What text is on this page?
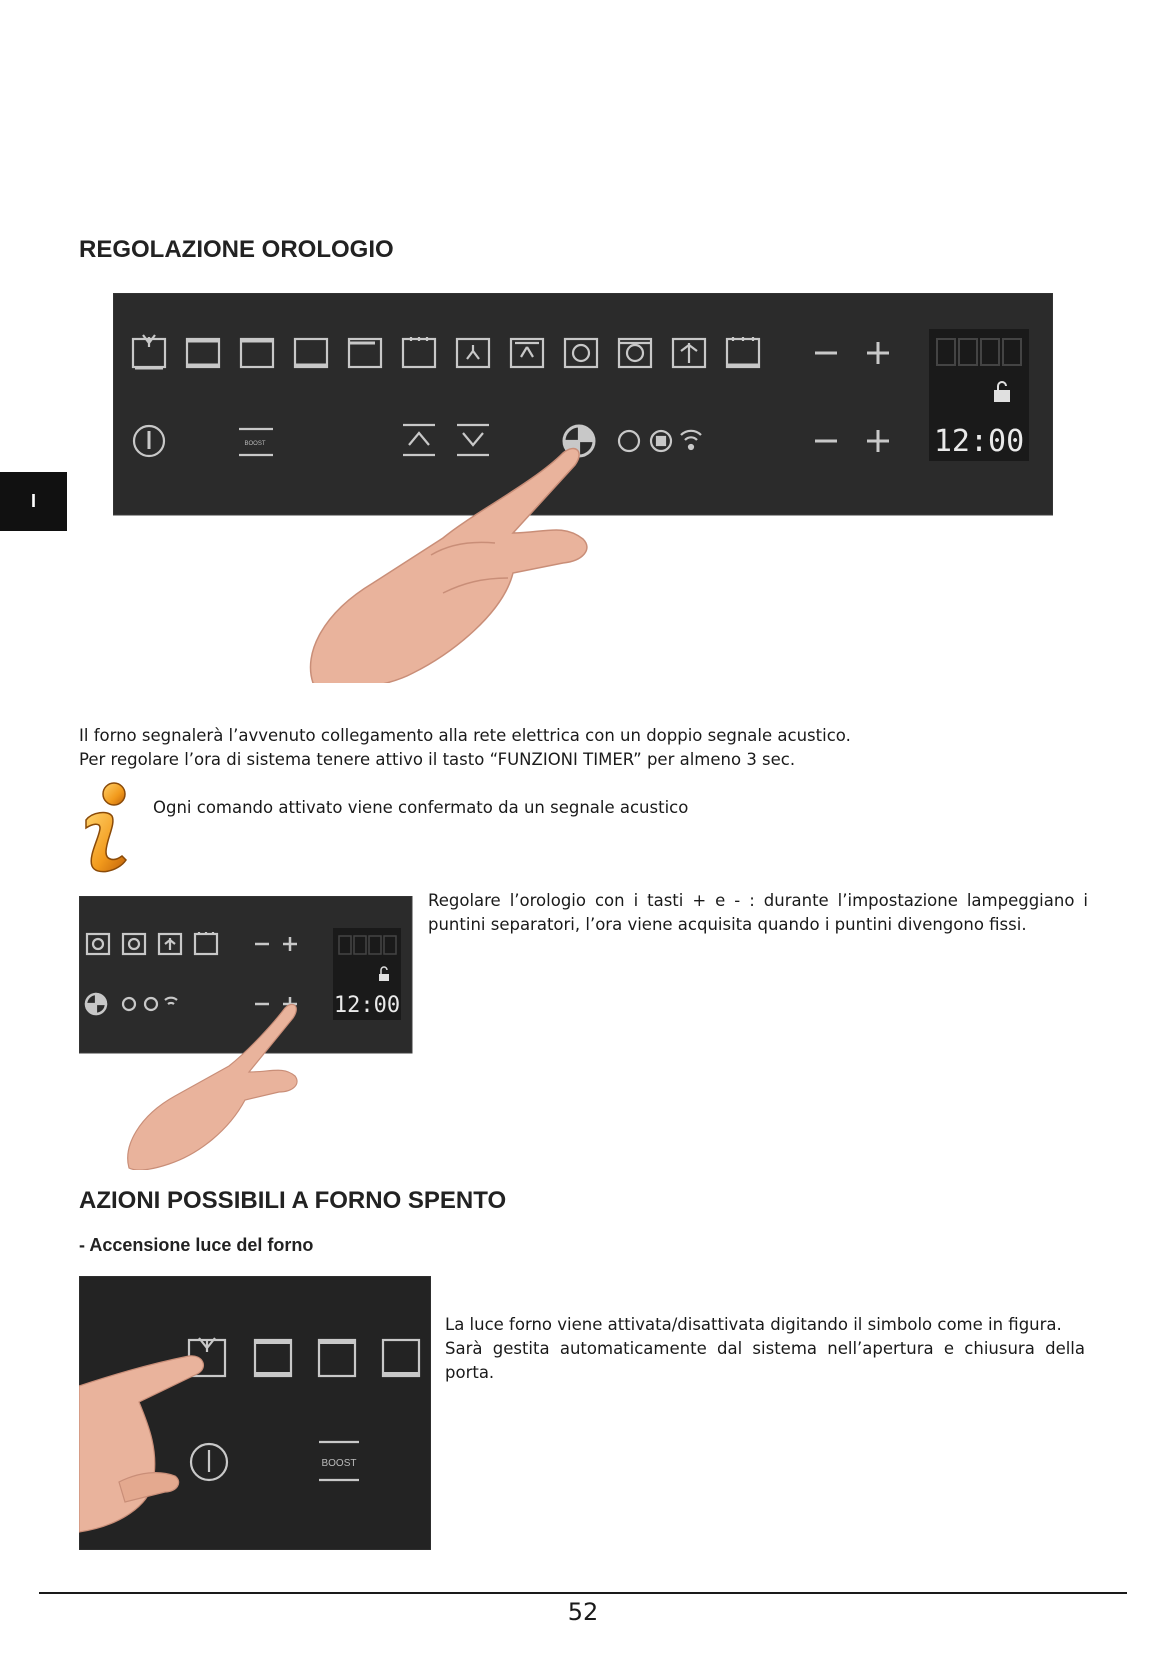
I
REGOLAZIONE OROLOGIO
12:00
BOOST

Il forno segnalerà l’avvenuto collegamento alla rete elettrica con un doppio segnale acustico.

Per regolare l’ora di sistema tenere attivo il tasto “FUNZIONI TIMER” per almeno 3 sec.

Ogni comando attivato viene confermato da un segnale acustico

12:00

Regolare l’orologio con i tasti + e - : durante l’impostazione lampeggiano i puntini separatori, l’ora viene acquisita quando i puntini divengono fissi.

AZIONI POSSIBILI A FORNO SPENTO
- Accensione luce del forno
BOOST

La luce forno viene attivata/disattivata digitando il simbolo come in figura.

Sarà gestita automaticamente dal sistema nell’apertura e chiusura della porta.

52
